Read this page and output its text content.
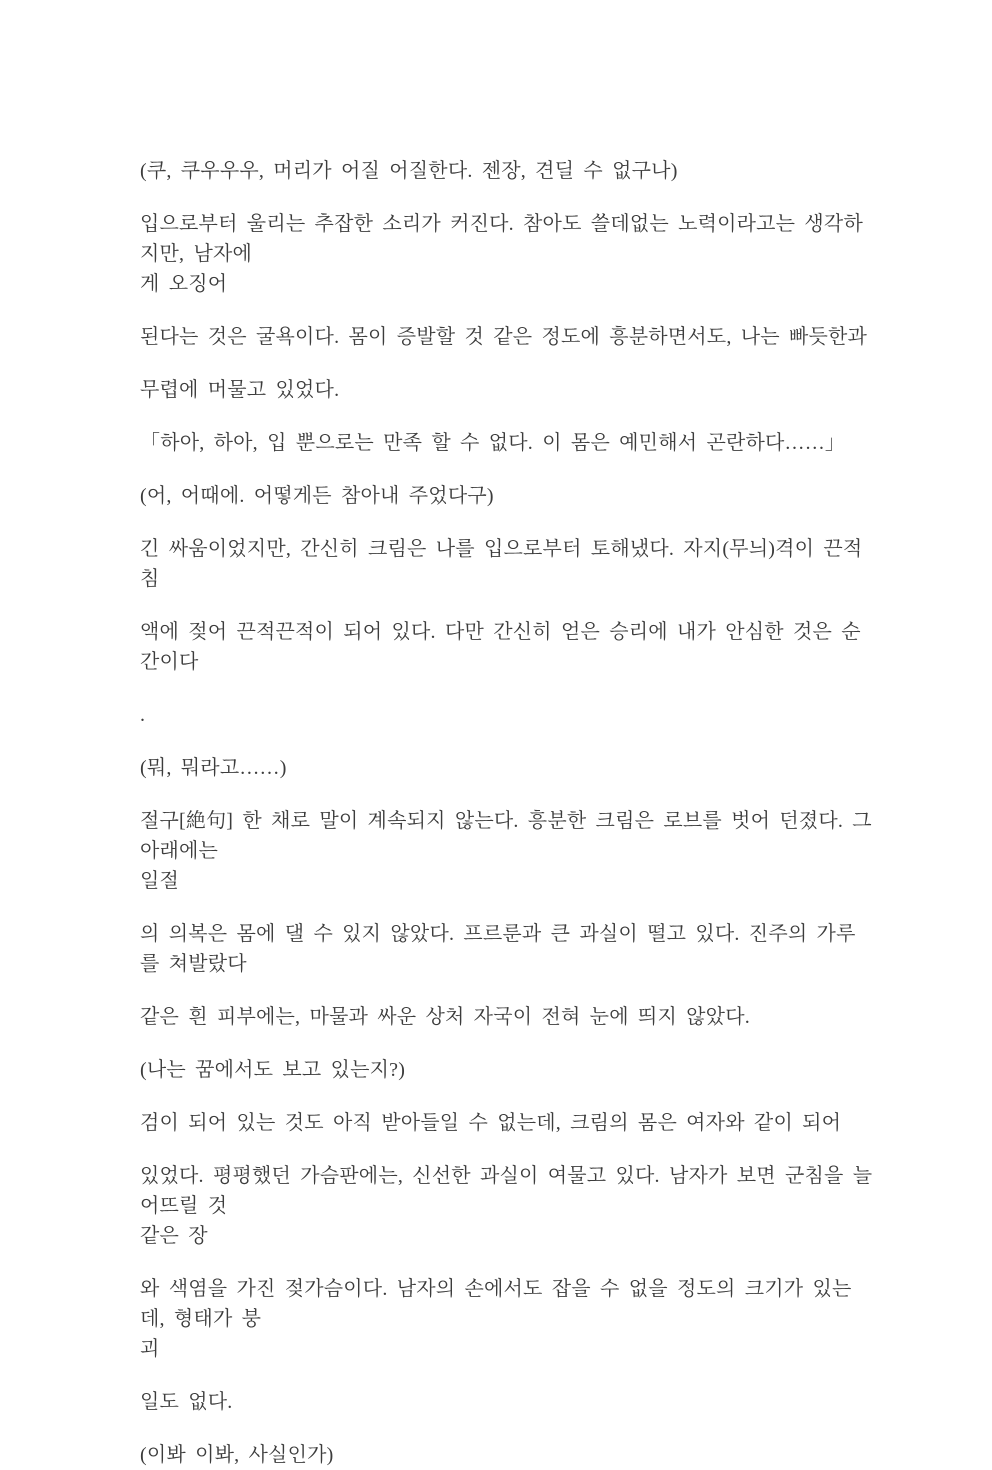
(쿠, 쿠우우우, 머리가 어질 어질한다. 젠장, 견딜 수 없구나)
입으로부터 울리는 추잡한 소리가 커진다. 참아도 쓸데없는 노력이라고는 생각하지만, 남자에
게 오징어
된다는 것은 굴욕이다. 몸이 증발할 것 같은 정도에 흥분하면서도, 나는 빠듯한과
무렵에 머물고 있었다.
「하아, 하아, 입 뿐으로는 만족 할 수 없다. 이 몸은 예민해서 곤란하다……」
(어, 어때에. 어떻게든 참아내 주었다구)
긴 싸움이었지만, 간신히 크림은 나를 입으로부터 토해냈다. 자지(무늬)격이 끈적 침
액에 젖어 끈적끈적이 되어 있다. 다만 간신히 얻은 승리에 내가 안심한 것은 순간이다
.
(뭐, 뭐라고……)
절구[絶句] 한 채로 말이 계속되지 않는다. 흥분한 크림은 로브를 벗어 던졌다. 그 아래에는
일절
의 의복은 몸에 댈 수 있지 않았다. 프르룬과 큰 과실이 떨고 있다. 진주의 가루를 쳐발랐다
같은 흰 피부에는, 마물과 싸운 상처 자국이 전혀 눈에 띄지 않았다.
(나는 꿈에서도 보고 있는지?)
검이 되어 있는 것도 아직 받아들일 수 없는데, 크림의 몸은 여자와 같이 되어
있었다. 평평했던 가슴판에는, 신선한 과실이 여물고 있다. 남자가 보면 군침을 늘어뜨릴 것
같은 장
와 색염을 가진 젖가슴이다. 남자의 손에서도 잡을 수 없을 정도의 크기가 있는데, 형태가 붕
괴
일도 없다.
(이봐 이봐, 사실인가)
